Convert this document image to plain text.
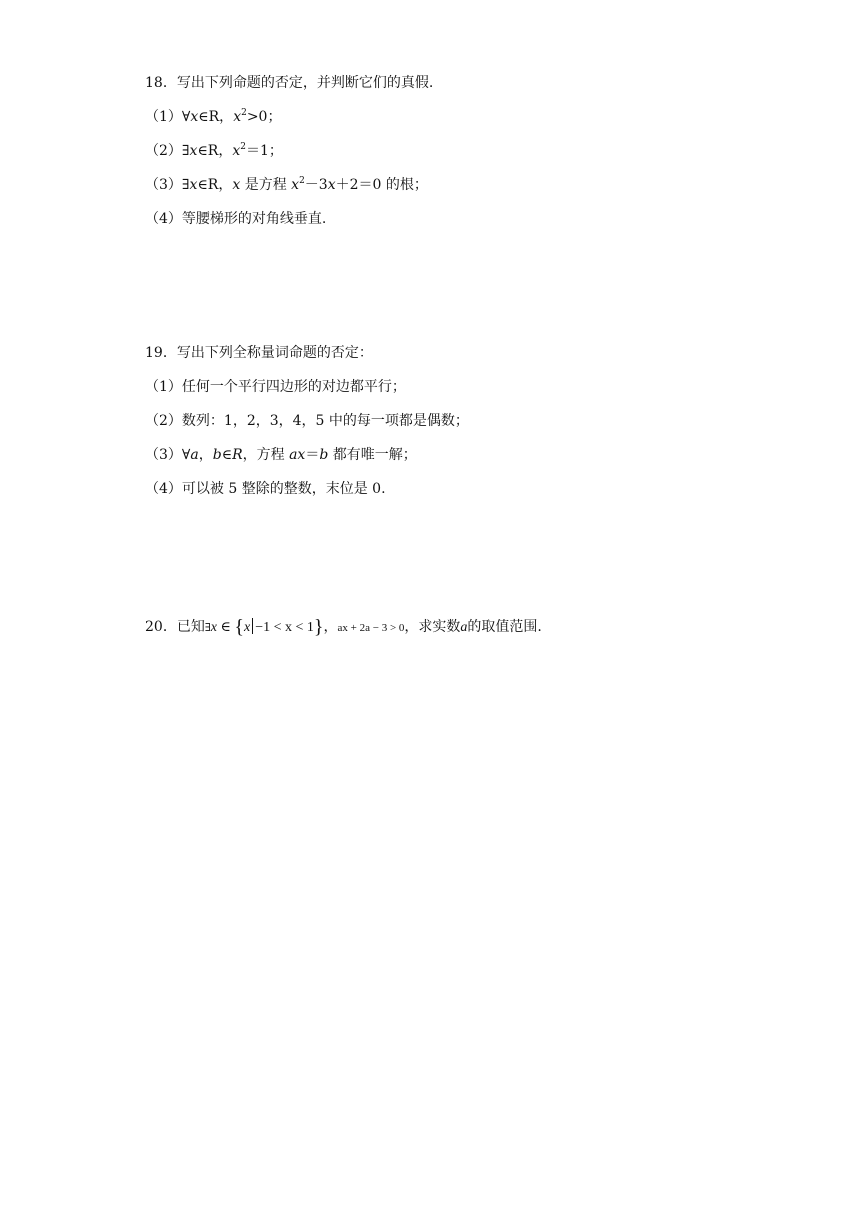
18．写出下列命题的否定，并判断它们的真假.
（1）∀x∈R，$x^2>0$；
（2）∃x∈R，$x^2=1$；
（3）∃x∈R，x 是方程 $x^2-3x+2=0$ 的根；
（4）等腰梯形的对角线垂直.
19．写出下列全称量词命题的否定：
（1）任何一个平行四边形的对边都平行；
（2）数列：1，2，3，4，5 中的每一项都是偶数；
（3）∀a，b∈R，方程 ax＝b 都有唯一解；
（4）可以被 5 整除的整数，末位是 0.
20．已知∃x ∈ {x −1 < x < 1}，ax + 2a − 3 > 0，求实数a的取值范围.
